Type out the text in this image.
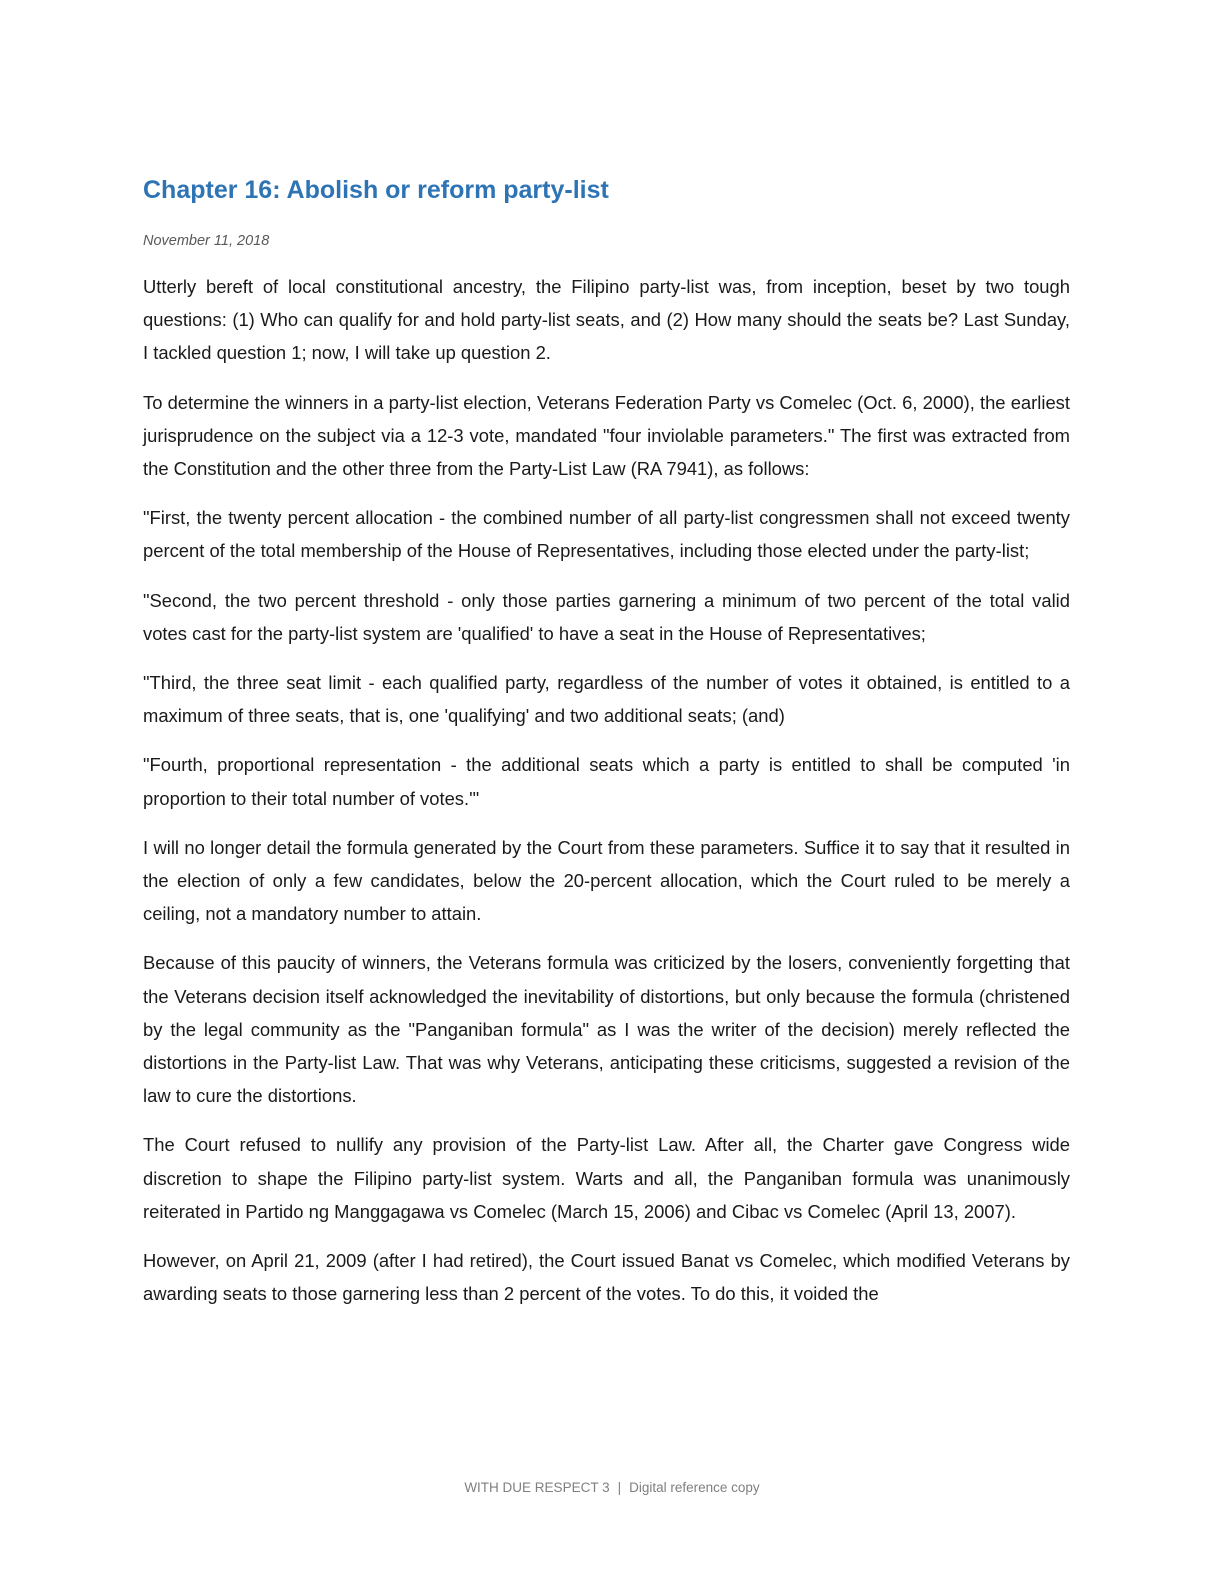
Chapter 16: Abolish or reform party-list
November 11, 2018

Utterly bereft of local constitutional ancestry, the Filipino party-list was, from inception, beset by two tough questions: (1) Who can qualify for and hold party-list seats, and (2) How many should the seats be? Last Sunday, I tackled question 1; now, I will take up question 2.

To determine the winners in a party-list election, Veterans Federation Party vs Comelec (Oct. 6, 2000), the earliest jurisprudence on the subject via a 12-3 vote, mandated "four inviolable parameters." The first was extracted from the Constitution and the other three from the Party-List Law (RA 7941), as follows:

"First, the twenty percent allocation - the combined number of all party-list congressmen shall not exceed twenty percent of the total membership of the House of Representatives, including those elected under the party-list;

"Second, the two percent threshold - only those parties garnering a minimum of two percent of the total valid votes cast for the party-list system are 'qualified' to have a seat in the House of Representatives;

"Third, the three seat limit - each qualified party, regardless of the number of votes it obtained, is entitled to a maximum of three seats, that is, one 'qualifying' and two additional seats; (and)

"Fourth, proportional representation - the additional seats which a party is entitled to shall be computed 'in proportion to their total number of votes.'"

I will no longer detail the formula generated by the Court from these parameters. Suffice it to say that it resulted in the election of only a few candidates, below the 20-percent allocation, which the Court ruled to be merely a ceiling, not a mandatory number to attain.

Because of this paucity of winners, the Veterans formula was criticized by the losers, conveniently forgetting that the Veterans decision itself acknowledged the inevitability of distortions, but only because the formula (christened by the legal community as the "Panganiban formula" as I was the writer of the decision) merely reflected the distortions in the Party-list Law. That was why Veterans, anticipating these criticisms, suggested a revision of the law to cure the distortions.

The Court refused to nullify any provision of the Party-list Law. After all, the Charter gave Congress wide discretion to shape the Filipino party-list system. Warts and all, the Panganiban formula was unanimously reiterated in Partido ng Manggagawa vs Comelec (March 15, 2006) and Cibac vs Comelec (April 13, 2007).

However, on April 21, 2009 (after I had retired), the Court issued Banat vs Comelec, which modified Veterans by awarding seats to those garnering less than 2 percent of the votes. To do this, it voided the

WITH DUE RESPECT 3 | Digital reference copy
